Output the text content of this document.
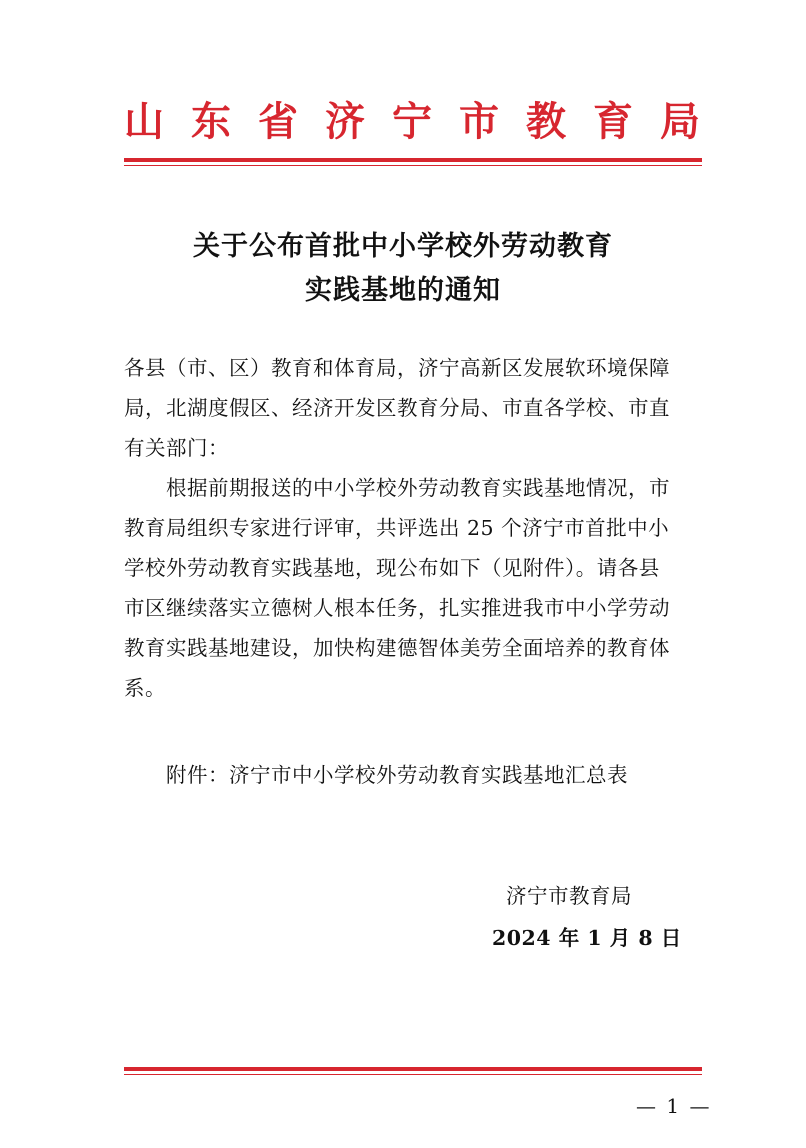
山 东 省 济 宁 市 教 育 局
关于公布首批中小学校外劳动教育
实践基地的通知
各县（市、区）教育和体育局，济宁高新区发展软环境保障
局，北湖度假区、经济开发区教育分局、市直各学校、市直
有关部门：
根据前期报送的中小学校外劳动教育实践基地情况，市
教育局组织专家进行评审，共评选出 25 个济宁市首批中小
学校外劳动教育实践基地，现公布如下（见附件）。请各县
市区继续落实立德树人根本任务，扎实推进我市中小学劳动
教育实践基地建设，加快构建德智体美劳全面培养的教育体
系。
附件：济宁市中小学校外劳动教育实践基地汇总表
济宁市教育局
2024 年 1 月 8 日
— 1 —
